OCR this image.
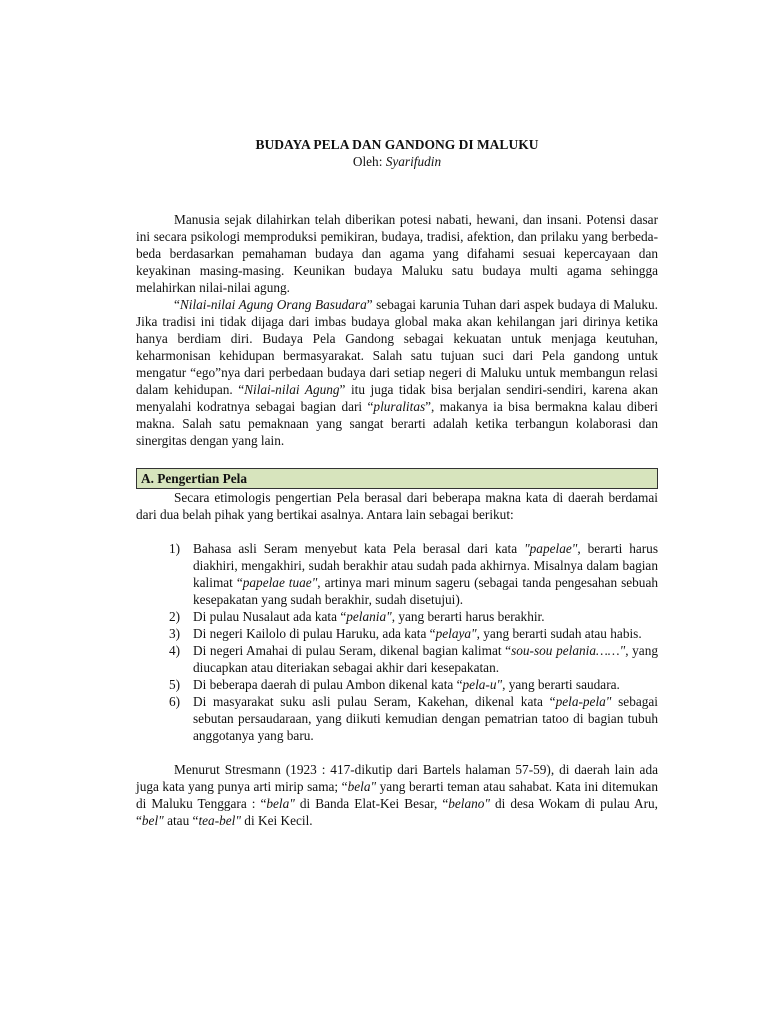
BUDAYA PELA DAN GANDONG DI MALUKU

Oleh: Syarifudin

Manusia sejak dilahirkan telah diberikan potesi nabati, hewani, dan insani. Potensi dasar ini secara psikologi memproduksi pemikiran, budaya, tradisi, afektion, dan prilaku yang berbeda-beda berdasarkan pemahaman budaya dan agama yang difahami sesuai kepercayaan dan keyakinan masing-masing. Keunikan budaya Maluku satu budaya multi agama sehingga melahirkan nilai-nilai agung.

“Nilai-nilai Agung Orang Basudara” sebagai karunia Tuhan dari aspek budaya di Maluku. Jika tradisi ini tidak dijaga dari imbas budaya global maka akan kehilangan jari dirinya ketika hanya berdiam diri. Budaya Pela Gandong sebagai kekuatan untuk menjaga keutuhan, keharmonisan kehidupan bermasyarakat. Salah satu tujuan suci dari Pela gandong untuk mengatur “ego”nya dari perbedaan budaya dari setiap negeri di Maluku untuk membangun relasi dalam kehidupan. “Nilai-nilai Agung” itu juga tidak bisa berjalan sendiri-sendiri, karena akan menyalahi kodratnya sebagai bagian dari “pluralitas”, makanya ia bisa bermakna kalau diberi makna. Salah satu pemaknaan yang sangat berarti adalah ketika terbangun kolaborasi dan sinergitas dengan yang lain.

A. Pengertian Pela

Secara etimologis pengertian Pela berasal dari beberapa makna kata di daerah berdamai dari dua belah pihak yang bertikai asalnya. Antara lain sebagai berikut:

1) Bahasa asli Seram menyebut kata Pela berasal dari kata "papelae", berarti harus diakhiri, mengakhiri, sudah berakhir atau sudah pada akhirnya. Misalnya dalam bagian kalimat “papelae tuae", artinya mari minum sageru (sebagai tanda pengesahan sebuah kesepakatan yang sudah berakhir, sudah disetujui).
2) Di pulau Nusalaut ada kata “pelania", yang berarti harus berakhir.
3) Di negeri Kailolo di pulau Haruku, ada kata “pelaya", yang berarti sudah atau habis.
4) Di negeri Amahai di pulau Seram, dikenal bagian kalimat “sou-sou pelania……", yang diucapkan atau diteriakan sebagai akhir dari kesepakatan.
5) Di beberapa daerah di pulau Ambon dikenal kata “pela-u", yang berarti saudara.
6) Di masyarakat suku asli pulau Seram, Kakehan, dikenal kata “pela-pela" sebagai sebutan persaudaraan, yang diikuti kemudian dengan pematrian tatoo di bagian tubuh anggotanya yang baru.

Menurut Stresmann (1923 : 417-dikutip dari Bartels halaman 57-59), di daerah lain ada juga kata yang punya arti mirip sama; “bela" yang berarti teman atau sahabat. Kata ini ditemukan di Maluku Tenggara : “bela" di Banda Elat-Kei Besar, “belano" di desa Wokam di pulau Aru, “bel" atau “tea-bel" di Kei Kecil.
